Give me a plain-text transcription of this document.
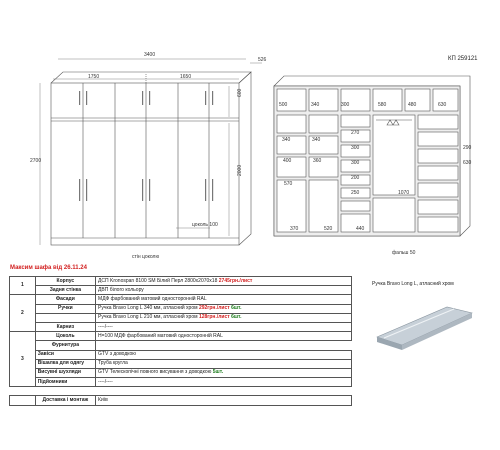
КП 259121
3400
526
1750	1650
2700
600
2000
цоколь 100
стін цоколю
500	340	300	580	480	630
340
1070
270
300
300
340
200
360
250
400
290
630
440
520
370
570
фальш 50
Максим шафа від 26.11.24
1	Корпус	ДСП Kronospan 8100 SM Білий Перл 2800х2070х18 2745грн./лист
	Задня стінка	ДВП білого кольору
2	Фасади	МДФ фарбований матовий односторонній RAL
	Ручки	Ручка Bravo Long L 340 мм, атласний хром 292грн./лист 6шт.
		Ручка Bravo Long L 210 мм, атласний хром 128грн./лист 6шт.
	Карниз	----/----
3	Цоколь	Н=100 МДФ фарбований матовий односторонній RAL
	Фурнитура	
	Завіси	GTV з доводкою
	Вішалка для одягу	Труба кругла
	Висувні шухляди	GTV Телескопічні повного висування з доводкою 5шт.
	Підйомники	----/----

	Доставка і монтаж	Київ
Ручка Bravo Long L, атласний хром
